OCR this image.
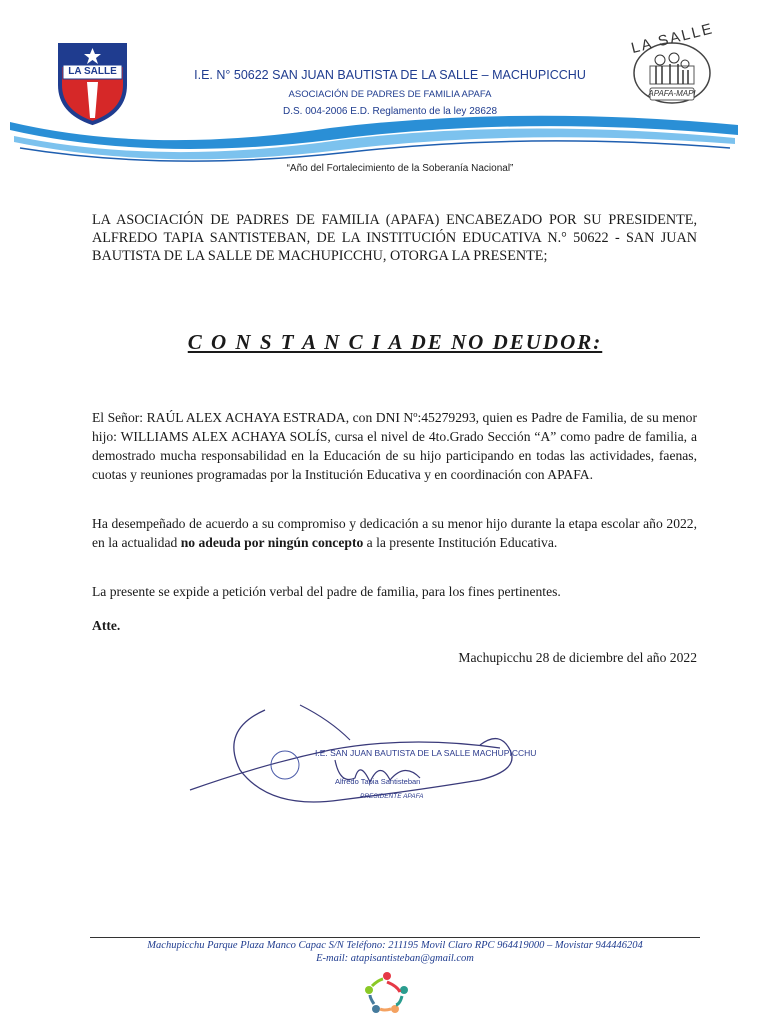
LA SALLE
LA SALLE
APAFA-MAPI
I.E. N° 50622 SAN JUAN BAUTISTA DE LA SALLE – MACHUPICCHU
ASOCIACIÓN DE PADRES DE FAMILIA APAFA
D.S. 004-2006 E.D. Reglamento de la ley 28628
“Año del Fortalecimiento de la Soberanía Nacional”
LA ASOCIACIÓN DE PADRES DE FAMILIA (APAFA) ENCABEZADO POR SU PRESIDENTE, ALFREDO TAPIA SANTISTEBAN, DE LA INSTITUCIÓN EDUCATIVA N.° 50622 - SAN JUAN BAUTISTA DE LA SALLE DE MACHUPICCHU, OTORGA LA PRESENTE;
C O N S T A N C I A DE NO DEUDOR:
El Señor: RAÚL ALEX ACHAYA ESTRADA, con DNI Nº:45279293, quien es Padre de Familia, de su menor hijo: WILLIAMS ALEX ACHAYA SOLÍS, cursa el nivel de 4to.Grado Sección “A” como padre de familia, a demostrado mucha responsabilidad en la Educación de su hijo participando en todas las actividades, faenas, cuotas y reuniones programadas por la Institución Educativa y en coordinación con APAFA.
Ha desempeñado de acuerdo a su compromiso y dedicación a su menor hijo durante la etapa escolar año 2022, en la actualidad no adeuda por ningún concepto a la presente Institución Educativa.
La presente se expide a petición verbal del padre de familia, para los fines pertinentes.
Atte.
Machupicchu 28 de diciembre del año 2022
I.E. SAN JUAN BAUTISTA DE LA SALLE MACHUPICCHU
Alfredo Tapia Santisteban
PRESIDENTE APAFA
Machupicchu Parque Plaza Manco Capac S/N Teléfono: 211195 Movil Claro RPC 964419000 – Movistar 944446204
E-mail: atapisantisteban@gmail.com
